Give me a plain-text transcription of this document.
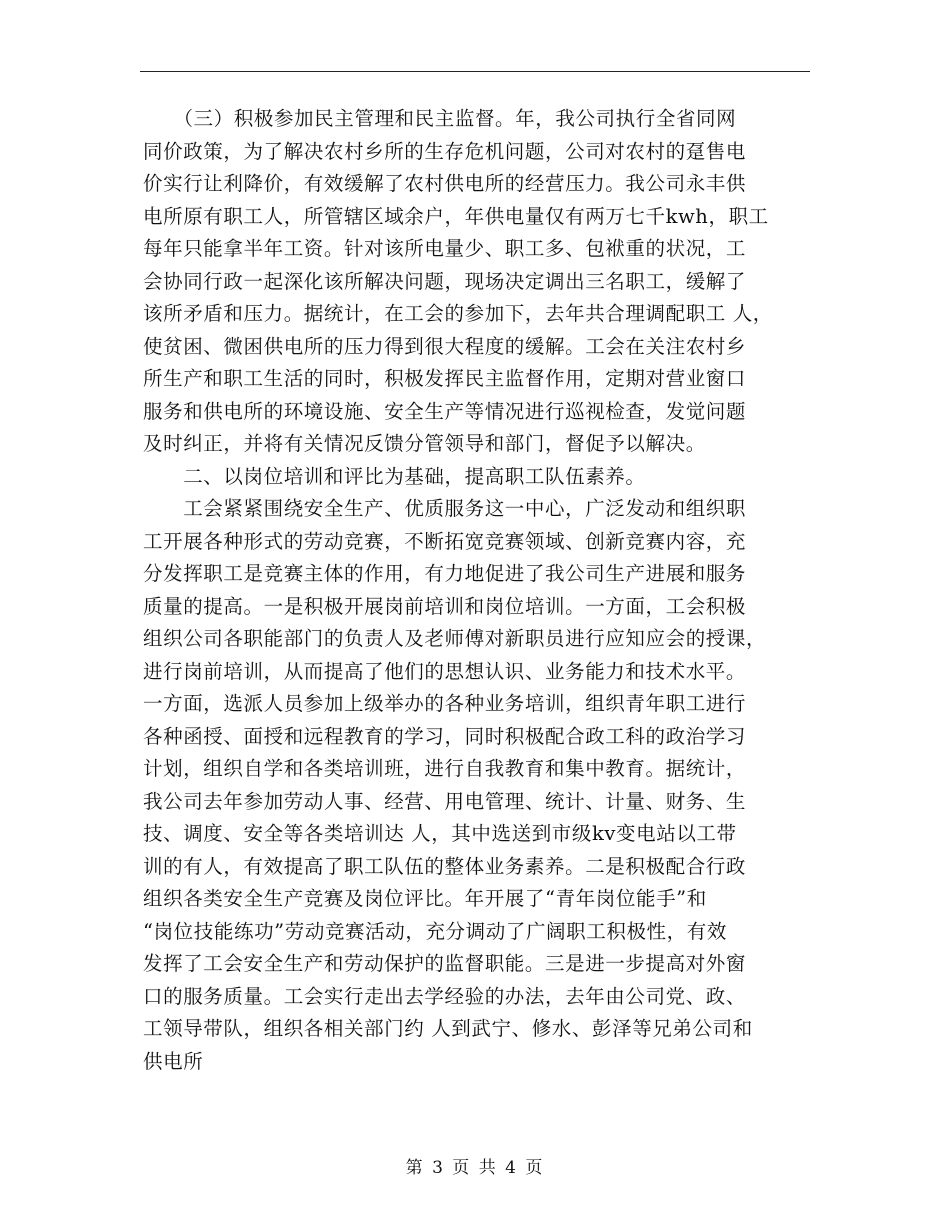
　　（三）积极参加民主管理和民主监督。年，我公司执行全省同网
同价政策，为了解决农村乡所的生存危机问题，公司对农村的趸售电
价实行让利降价，有效缓解了农村供电所的经营压力。我公司永丰供
电所原有职工人，所管辖区域余户，年供电量仅有两万七千kwh，职工
每年只能拿半年工资。针对该所电量少、职工多、包袱重的状况，工
会协同行政一起深化该所解决问题，现场决定调出三名职工，缓解了
该所矛盾和压力。据统计，在工会的参加下，去年共合理调配职工 人，
使贫困、微困供电所的压力得到很大程度的缓解。工会在关注农村乡
所生产和职工生活的同时，积极发挥民主监督作用，定期对营业窗口
服务和供电所的环境设施、安全生产等情况进行巡视检查，发觉问题
及时纠正，并将有关情况反馈分管领导和部门，督促予以解决。
　　二、以岗位培训和评比为基础，提高职工队伍素养。
　　工会紧紧围绕安全生产、优质服务这一中心，广泛发动和组织职
工开展各种形式的劳动竞赛，不断拓宽竞赛领域、创新竞赛内容，充
分发挥职工是竞赛主体的作用，有力地促进了我公司生产进展和服务
质量的提高。一是积极开展岗前培训和岗位培训。一方面，工会积极
组织公司各职能部门的负责人及老师傅对新职员进行应知应会的授课，
进行岗前培训，从而提高了他们的思想认识、业务能力和技术水平。
一方面，选派人员参加上级举办的各种业务培训，组织青年职工进行
各种函授、面授和远程教育的学习，同时积极配合政工科的政治学习
计划，组织自学和各类培训班，进行自我教育和集中教育。据统计，
我公司去年参加劳动人事、经营、用电管理、统计、计量、财务、生
技、调度、安全等各类培训达 人，其中选送到市级kv变电站以工带
训的有人，有效提高了职工队伍的整体业务素养。二是积极配合行政
组织各类安全生产竞赛及岗位评比。年开展了“青年岗位能手”和
“岗位技能练功”劳动竞赛活动，充分调动了广阔职工积极性，有效
发挥了工会安全生产和劳动保护的监督职能。三是进一步提高对外窗
口的服务质量。工会实行走出去学经验的办法，去年由公司党、政、
工领导带队，组织各相关部门约 人到武宁、修水、彭泽等兄弟公司和
供电所
第 3 页 共 4 页
